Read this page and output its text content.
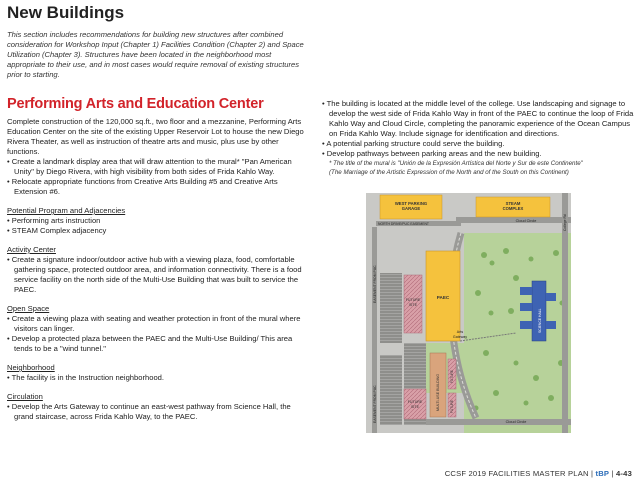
New Buildings
This section includes recommendations for building new structures after combined consideration for Workshop Input (Chapter 1) Facilities Condition (Chapter 2) and Space Utilization (Chapter 3). Structures have been located in the neighborhood most appropriate to their use, and in most cases would require removal of existing structures prior to starting.
Performing Arts and Education Center

Complete construction of the 120,000 sq.ft., two floor and a mezzanine, Performing Arts Education Center on the site of the existing Upper Reservoir Lot to house the new Diego Rivera Theater, as well as instruction of theatre arts and music, plus use by other functions.

• Create a landmark display area that will draw attention to the mural* "Pan American Unity" by Diego Rivera, with high visibility from both sides of Frida Kahlo Way.

• Relocate appropriate functions from Creative Arts Building #5 and Creative Arts Extension #6.

Potential Program and Adjacencies

• Performing arts instruction

• STEAM Complex adjacency

Activity Center

• Create a signature indoor/outdoor active hub with a viewing plaza, food, comfortable gathering space, protected outdoor area, and information connectivity. There is a food service facility on the north side of the Multi-Use Building that was built to service the PAEC.

Open Space

• Create a viewing plaza with seating and weather protection in front of the mural where visitors can linger.

• Develop a protected plaza between the PAEC and the Multi-Use Building/ This area tends to be a "wind tunnel."

Neighborhood

• The facility is in the Instruction neighborhood.

Circulation

• Develop the Arts Gateway to continue an east-west pathway from Science Hall, the grand staircase, across Frida Kahlo Way, to the PAEC.

• The building is located at the middle level of the college. Use landscaping and signage to develop the west side of Frida Kahlo Way in front of the PAEC to continue the loop of Frida Kahlo Way and Cloud Circle, completing the panoramic experience of the Ocean Campus on Frida Kahlo Way. Include signage for identification and directions.

• A potential parking structure could serve the building.

• Develop pathways between parking areas and the new building.

* The title of the mural is "Unión de la Expresión Artística del Norte y Sur de este Continente"

(The Marriage of the Artistic Expression of the North and of the South on this Continent)

WEST PARKING
GARAGE
STEAM
COMPLEX
Cloud Circle
NORTH DRIVE/PUC EASEMENT
EASEMENT FROM PUC
EASEMENT FROM PUC
FUTURE
SITE
PAEC
Arts
Gateway
FUTURE
SITE	MULTI-USE BUILDING	FUTURE
FUTURE
SCIENCE HALL
Cloud Circle
College Rd
CCSF 2019 FACILITIES MASTER PLAN | tBP | 4-43
